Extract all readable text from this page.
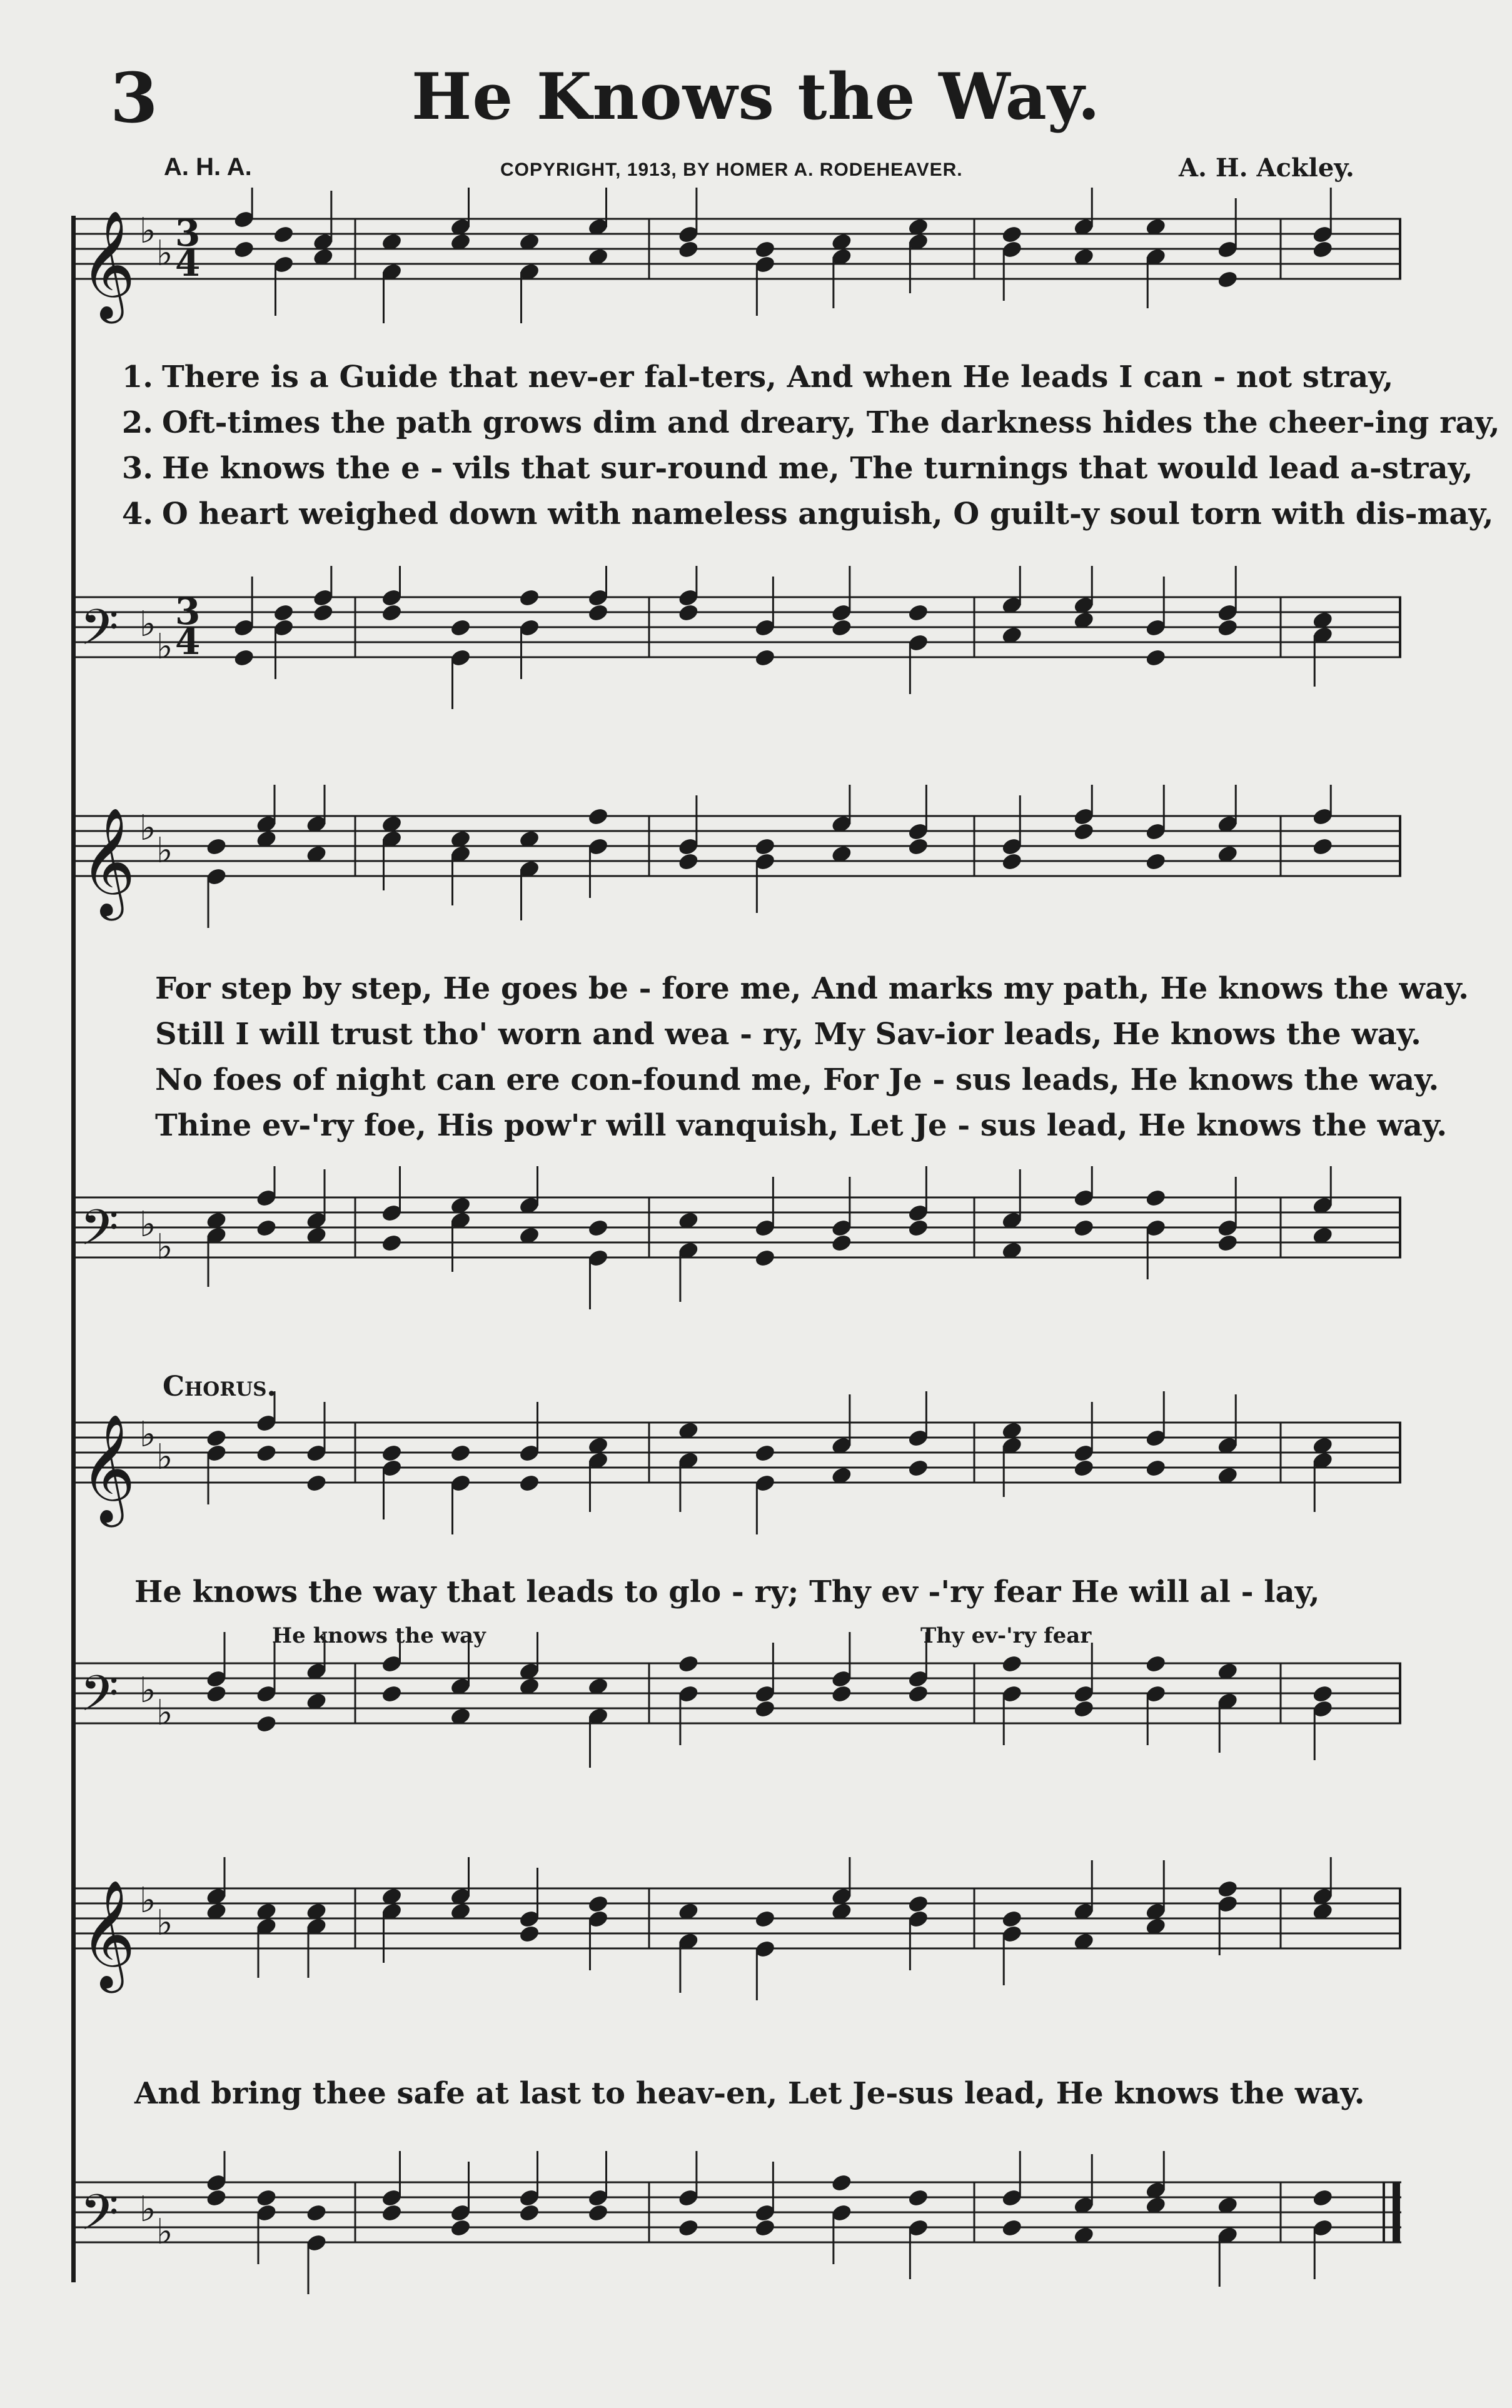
3	He Knows the Way.
A. H. A.	COPYRIGHT, 1913, BY HOMER A. RODEHEAVER.	A. H. Ackley.
𝄞 ♭
♭ 3
4
1. There is a Guide that nev-er fal-ters, And when He leads I can - not stray,
2. Oft-times the path grows dim and dreary, The darkness hides the cheer-ing ray,
3. He knows the e - vils that sur-round me, The turnings that would lead a-stray,
4. O heart weighed down with nameless anguish, O guilt-y soul torn with dis-may,
𝄢 ♭
♭
3
4
𝄞 ♭
♭
For step by step, He goes be - fore me, And marks my path, He knows the way.
Still I will trust tho' worn and wea - ry, My Sav-ior leads, He knows the way.
No foes of night can ere con-found me, For Je - sus leads, He knows the way.
Thine ev-'ry foe, His pow'r will vanquish, Let Je - sus lead, He knows the way.
𝄢 ♭
♭
Chorus.
𝄞 ♭
♭
He knows the way that leads to glo - ry; Thy ev -'ry fear He will al - lay,
He knows the way	Thy ev-'ry fear
𝄢 ♭
♭
𝄞 ♭
♭
And bring thee safe at last to heav-en, Let Je-sus lead, He knows the way.
𝄢 ♭
♭
